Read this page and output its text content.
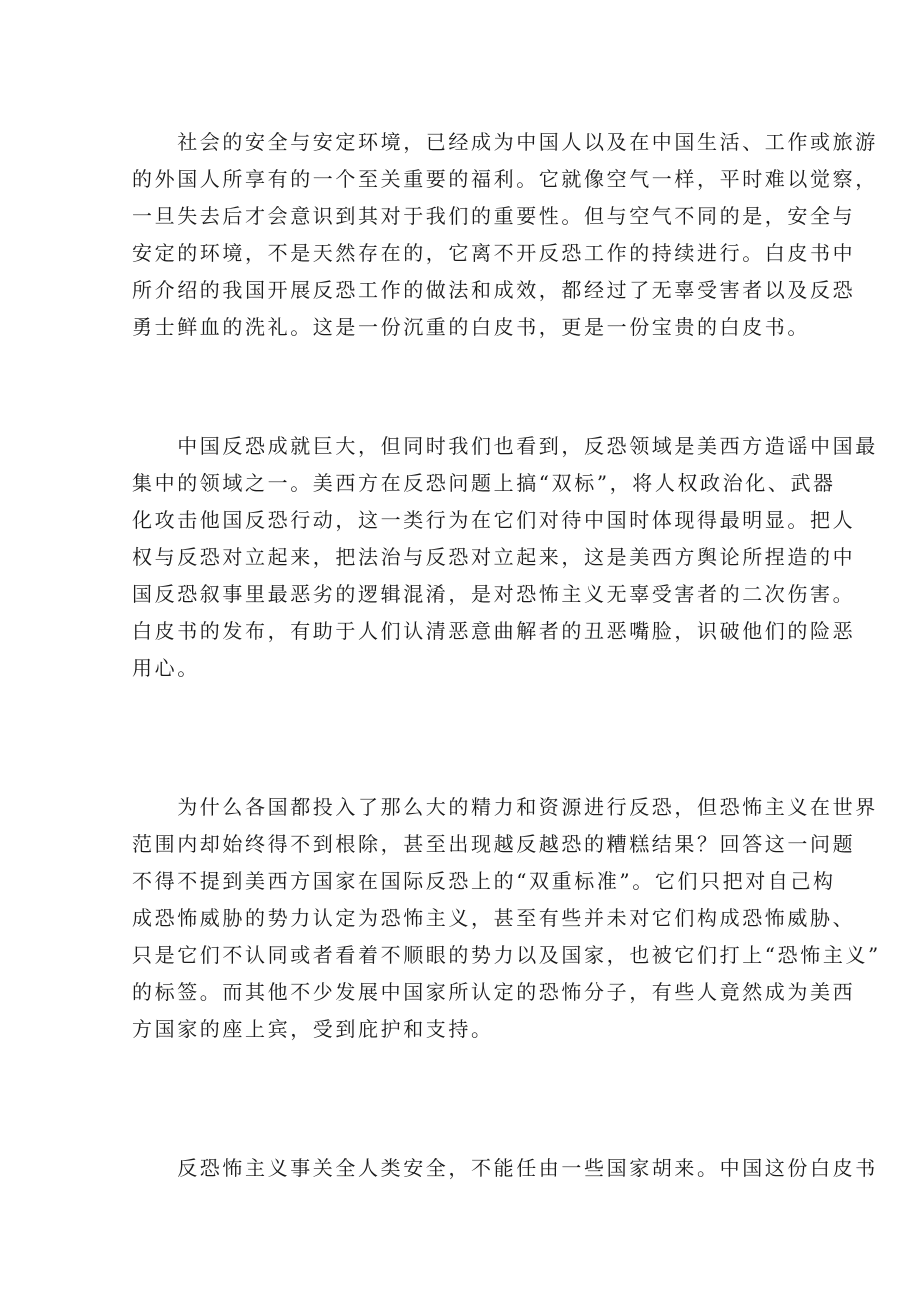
　　社会的安全与安定环境，已经成为中国人以及在中国生活、工作或旅游
的外国人所享有的一个至关重要的福利。它就像空气一样，平时难以觉察，
一旦失去后才会意识到其对于我们的重要性。但与空气不同的是，安全与
安定的环境，不是天然存在的，它离不开反恐工作的持续进行。白皮书中
所介绍的我国开展反恐工作的做法和成效，都经过了无辜受害者以及反恐
勇士鲜血的洗礼。这是一份沉重的白皮书，更是一份宝贵的白皮书。
　　中国反恐成就巨大，但同时我们也看到，反恐领域是美西方造谣中国最
集中的领域之一。美西方在反恐问题上搞“双标”，将人权政治化、武器
化攻击他国反恐行动，这一类行为在它们对待中国时体现得最明显。把人
权与反恐对立起来，把法治与反恐对立起来，这是美西方舆论所捏造的中
国反恐叙事里最恶劣的逻辑混淆，是对恐怖主义无辜受害者的二次伤害。
白皮书的发布，有助于人们认清恶意曲解者的丑恶嘴脸，识破他们的险恶
用心。
　　为什么各国都投入了那么大的精力和资源进行反恐，但恐怖主义在世界
范围内却始终得不到根除，甚至出现越反越恐的糟糕结果？回答这一问题
不得不提到美西方国家在国际反恐上的“双重标准”。它们只把对自己构
成恐怖威胁的势力认定为恐怖主义，甚至有些并未对它们构成恐怖威胁、
只是它们不认同或者看着不顺眼的势力以及国家，也被它们打上“恐怖主义”
的标签。而其他不少发展中国家所认定的恐怖分子，有些人竟然成为美西
方国家的座上宾，受到庇护和支持。
　　反恐怖主义事关全人类安全，不能任由一些国家胡来。中国这份白皮书
